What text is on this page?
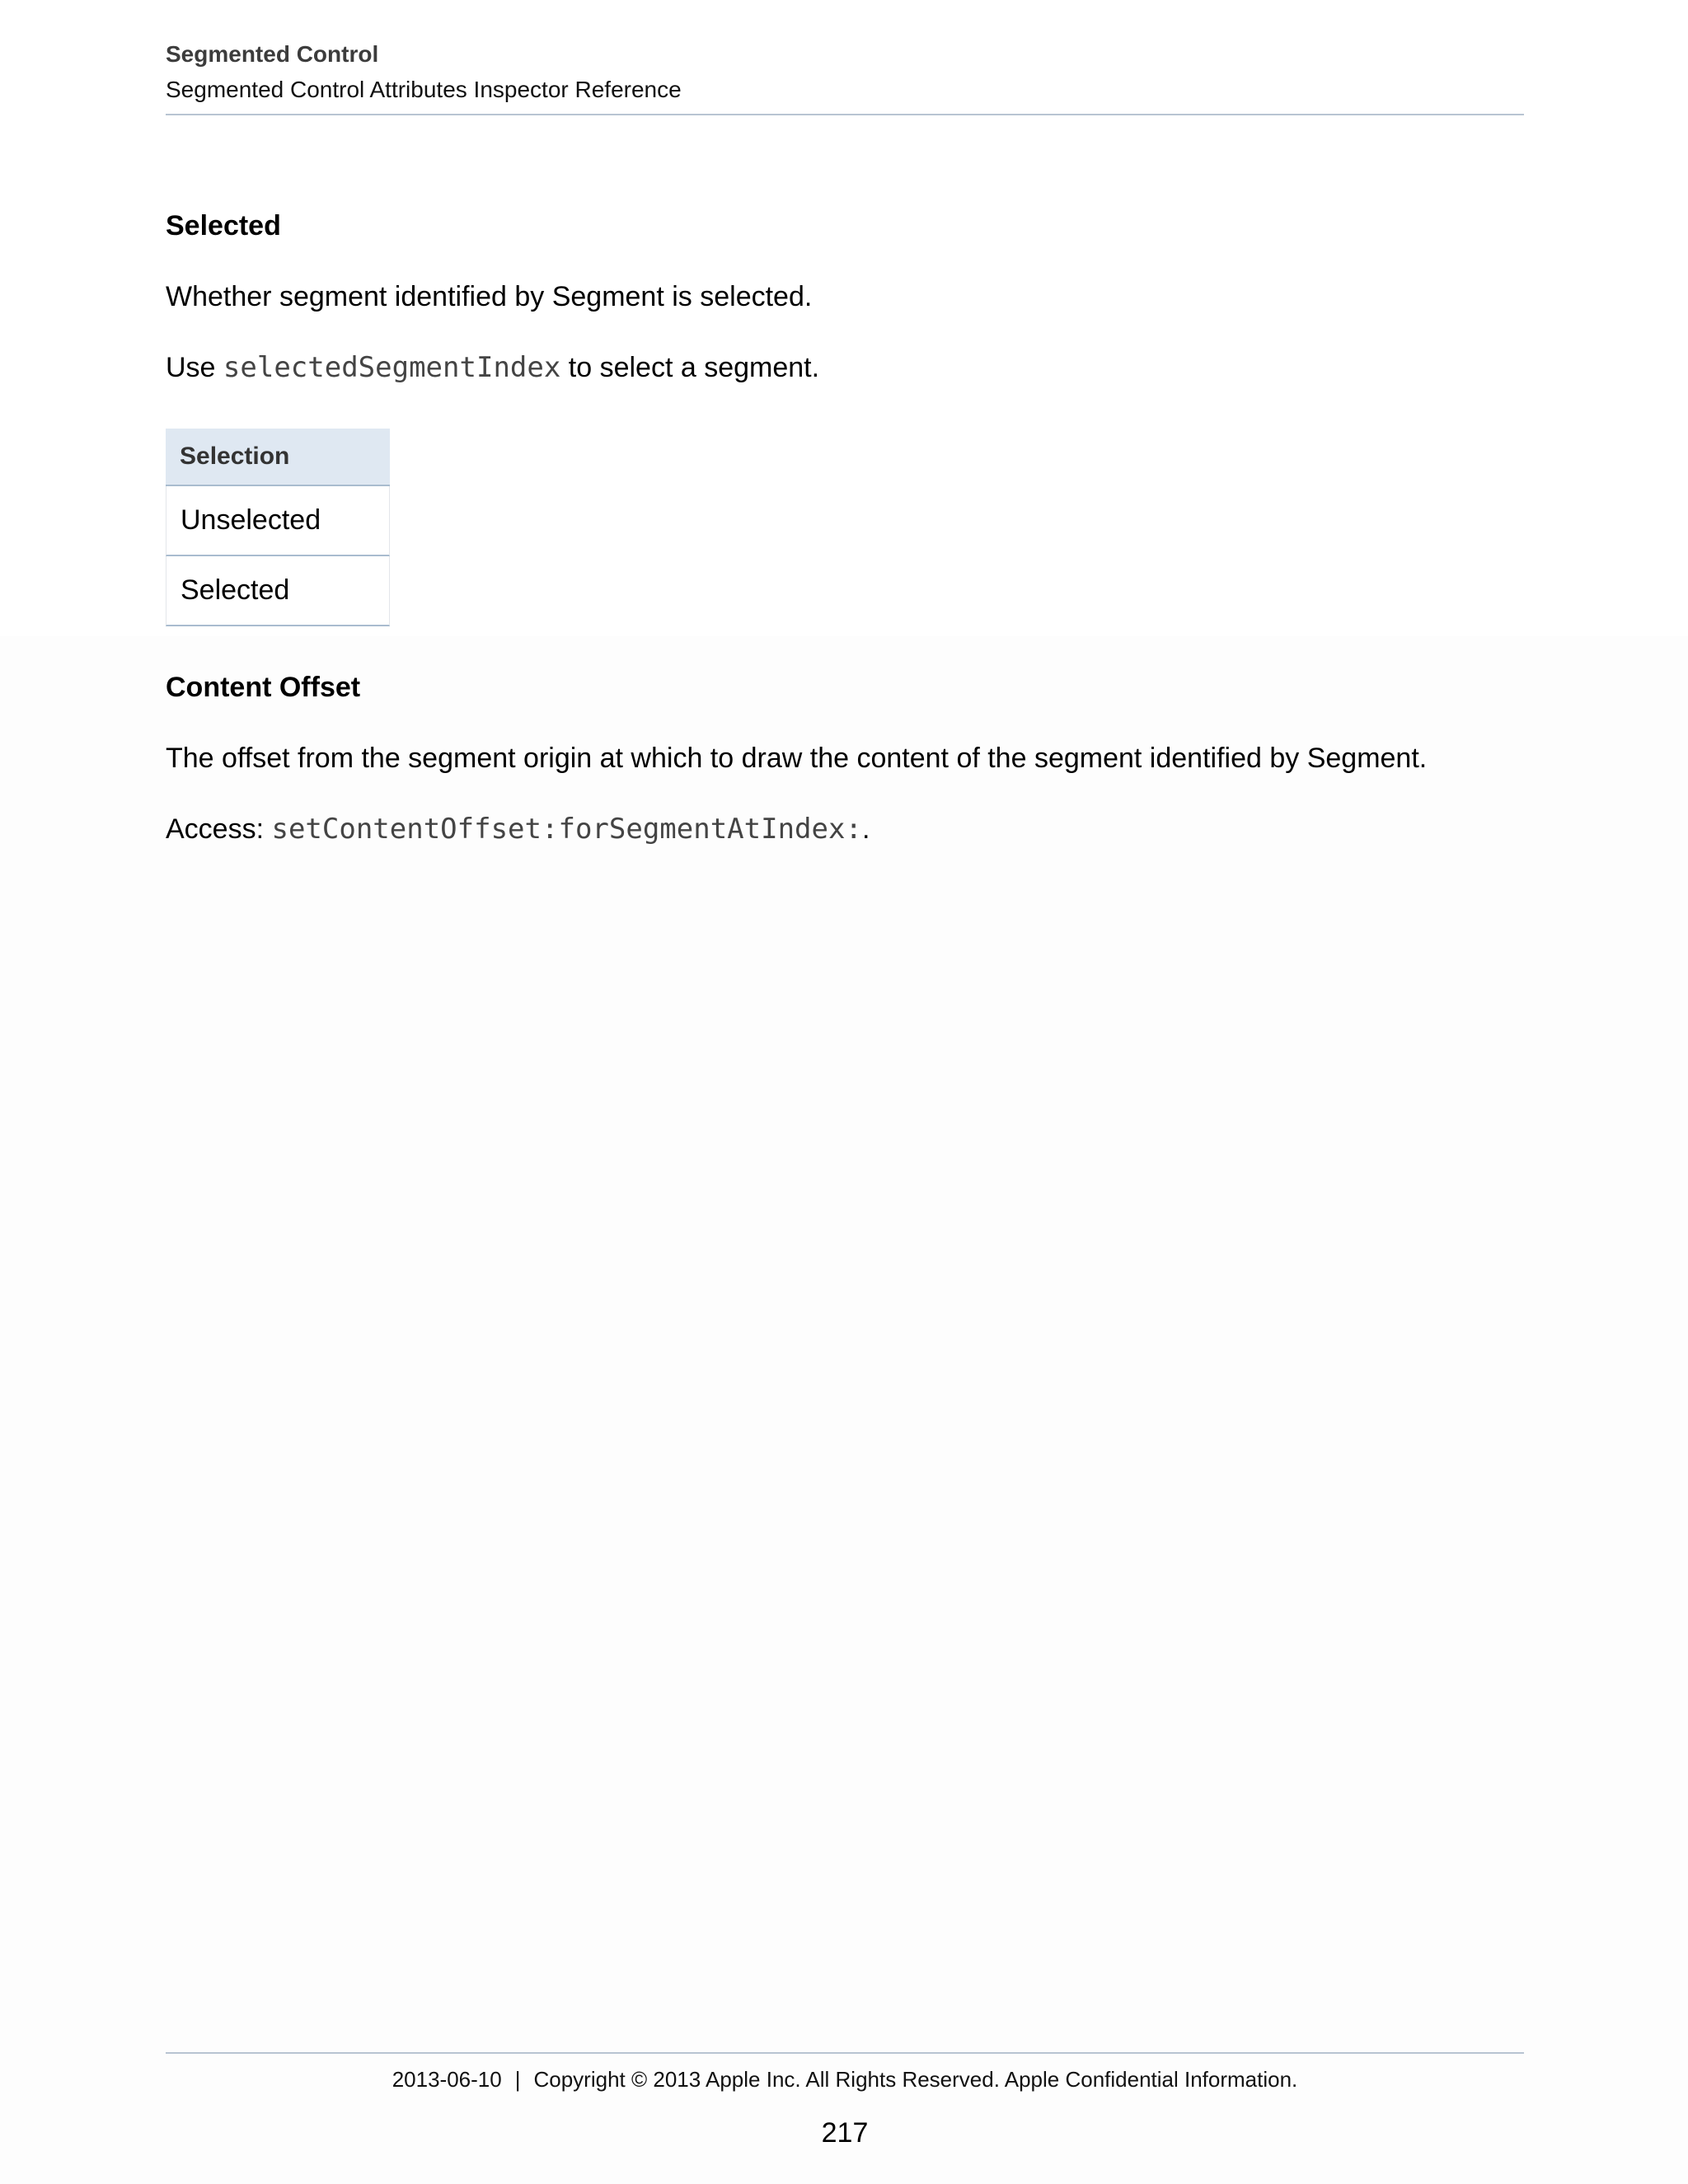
Segmented Control
Segmented Control Attributes Inspector Reference
Selected

Whether segment identified by Segment is selected.

Use selectedSegmentIndex to select a segment.

Selection
Unselected
Selected
Content Offset

The offset from the segment origin at which to draw the content of the segment identified by Segment.

Access: setContentOffset:forSegmentAtIndex:.

2013-06-10 | Copyright © 2013 Apple Inc. All Rights Reserved. Apple Confidential Information.
217
